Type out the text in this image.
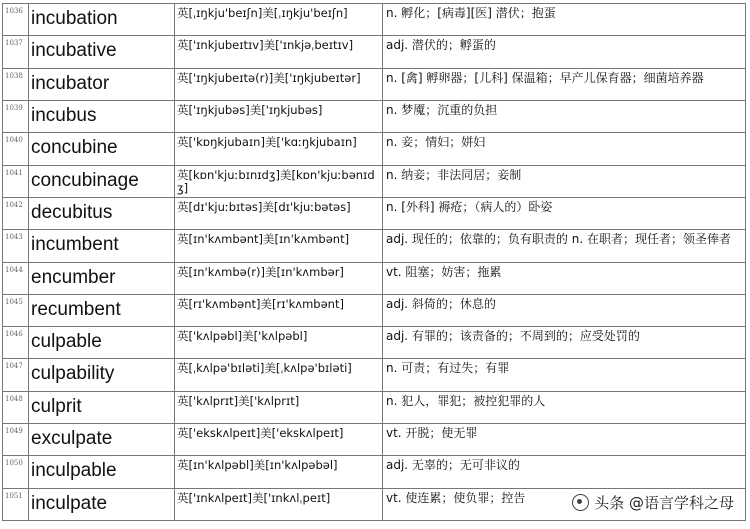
1036	incubation	英[ˌɪŋkju'beɪʃn]美[ˌɪŋkju'beɪʃn]	n. 孵化；[病毒][医] 潜伏；抱蛋

1037	incubative	英['ɪnkjubeɪtɪv]美['ɪnkjəˌbeɪtɪv]	adj. 潜伏的；孵蛋的

1038	incubator	英['ɪŋkjubeɪtə(r)]美['ɪŋkjubeɪtər]	n. [禽] 孵卵器；[儿科] 保温箱；早产儿保育器；细菌培养器

1039	incubus	英['ɪŋkjubəs]美['ɪŋkjubəs]	n. 梦魇；沉重的负担

1040	concubine	英['kɒŋkjubaɪn]美['kɑːŋkjubaɪn]	n. 妾；情妇；姘妇

1041	concubinage	英[kɒn'kjuːbɪnɪdʒ]美[kɒn'kjuːbənɪdʒ]	n. 纳妾；非法同居；妾制

1042	decubitus	英[dɪ'kjuːbɪtəs]美[dɪ'kjuːbətəs]	n. [外科] 褥疮；（病人的）卧姿

1043	incumbent	英[ɪn'kʌmbənt]美[ɪn'kʌmbənt]	adj. 现任的；依靠的；负有职责的 n. 在职者；现任者；领圣俸者

1044	encumber	英[ɪn'kʌmbə(r)]美[ɪn'kʌmbər]	vt. 阻塞；妨害；拖累

1045	recumbent	英[rɪ'kʌmbənt]美[rɪ'kʌmbənt]	adj. 斜倚的；休息的

1046	culpable	英['kʌlpəbl]美['kʌlpəbl]	adj. 有罪的；该责备的；不周到的；应受处罚的

1047	culpability	英[ˌkʌlpə'bɪləti]美[ˌkʌlpə'bɪləti]	n. 可责；有过失；有罪

1048	culprit	英['kʌlprɪt]美['kʌlprɪt]	n. 犯人，罪犯；被控犯罪的人

1049	exculpate	英['ekskʌlpeɪt]美['ekskʌlpeɪt]	vt. 开脱；使无罪

1050	inculpable	英[ɪn'kʌlpəbl]美[ɪn'kʌlpəbəl]	adj. 无辜的；无可非议的

1051	inculpate	英['ɪnkʌlpeɪt]美['ɪnkʌlˌpeɪt]	vt. 使连累；使负罪；控告	头条 @语言学科之母
